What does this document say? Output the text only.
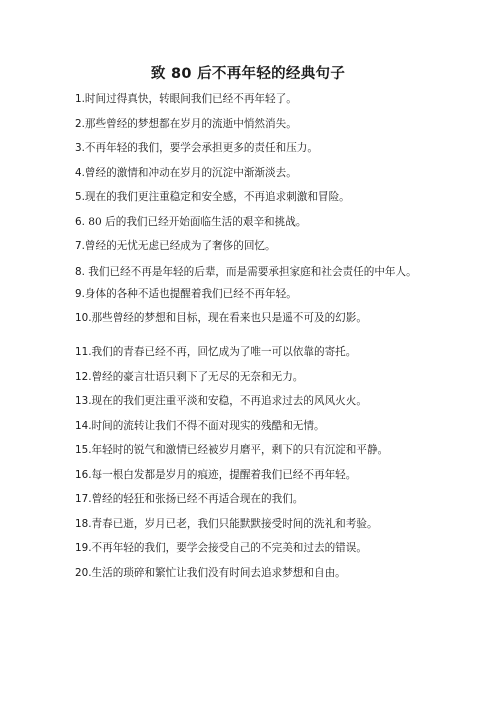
致 80 后不再年轻的经典句子
1.时间过得真快，转眼间我们已经不再年轻了。
2.那些曾经的梦想都在岁月的流逝中悄然消失。
3.不再年轻的我们，要学会承担更多的责任和压力。
4.曾经的激情和冲动在岁月的沉淀中渐渐淡去。
5.现在的我们更注重稳定和安全感，不再追求刺激和冒险。
6. 80 后的我们已经开始面临生活的艰辛和挑战。
7.曾经的无忧无虑已经成为了奢侈的回忆。
8. 我们已经不再是年轻的后辈，而是需要承担家庭和社会责任的中年人。
9.身体的各种不适也提醒着我们已经不再年轻。
10.那些曾经的梦想和目标，现在看来也只是遥不可及的幻影。
11.我们的青春已经不再，回忆成为了唯一可以依靠的寄托。
12.曾经的豪言壮语只剩下了无尽的无奈和无力。
13.现在的我们更注重平淡和安稳，不再追求过去的风风火火。
14.时间的流转让我们不得不面对现实的残酷和无情。
15.年轻时的锐气和激情已经被岁月磨平，剩下的只有沉淀和平静。
16.每一根白发都是岁月的痕迹，提醒着我们已经不再年轻。
17.曾经的轻狂和张扬已经不再适合现在的我们。
18.青春已逝，岁月已老，我们只能默默接受时间的洗礼和考验。
19.不再年轻的我们，要学会接受自己的不完美和过去的错误。
20.生活的琐碎和繁忙让我们没有时间去追求梦想和自由。
